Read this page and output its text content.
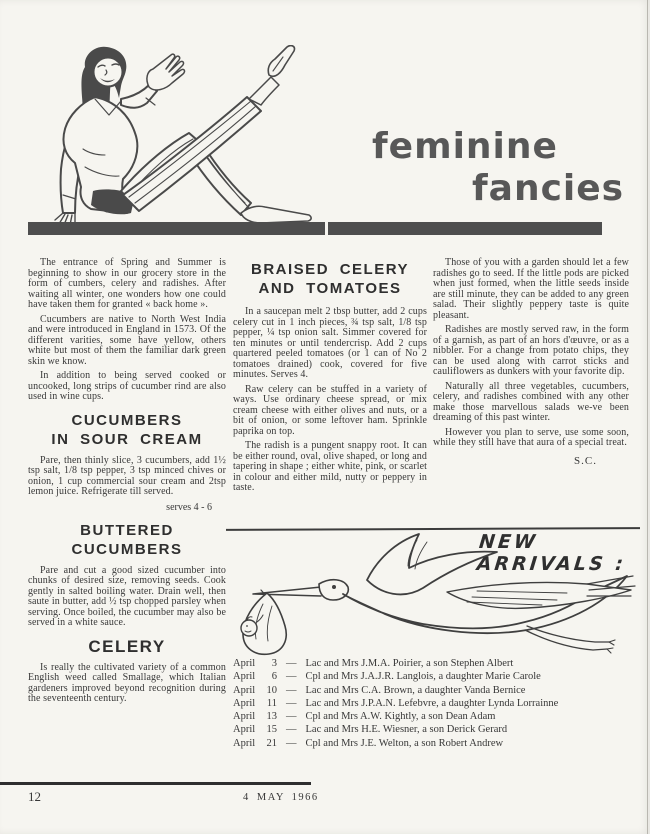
feminine
fancies

The entrance of Spring and Summer is beginning to show in our grocery store in the form of cumbers, celery and radishes. After waiting all winter, one wonders how one could have taken them for granted « back home ».

Cucumbers are native to North West India and were introduced in England in 1573. Of the different varities, some have yellow, others white but most of them the familiar dark green skin we know.

In addition to being served cooked or uncooked, long strips of cucumber rind are also used in wine cups.

CUCUMBERS
IN SOUR CREAM

Pare, then thinly slice, 3 cucumbers, add 1½ tsp salt, 1/8 tsp pepper, 3 tsp minced chives or onion, 1 cup commercial sour cream and 2tsp lemon juice. Refrigerate till served.

serves 4 - 6
BUTTERED CUCUMBERS

Pare and cut a good sized cucumber into chunks of desired size, removing seeds. Cook gently in salted boiling water. Drain well, then saute in butter, add ½ tsp chopped parsley when serving. Once boiled, the cucumber may also be served in a white sauce.

CELERY

Is really the cultivated variety of a common English weed called Smallage, which Italian gardeners improved beyond recognition during the seventeenth century.

BRAISED CELERY
AND TOMATOES

In a saucepan melt 2 tbsp butter, add 2 cups celery cut in 1 inch pieces, ¾ tsp salt, 1/8 tsp pepper, ¼ tsp onion salt. Simmer covered for ten minutes or until tendercrisp. Add 2 cups quartered peeled tomatoes (or 1 can of No 2 tomatoes drained) cook, covered for five minutes. Serves 4.

Raw celery can be stuffed in a variety of ways. Use ordinary cheese spread, or mix cream cheese with either olives and nuts, or a bit of onion, or some leftover ham. Sprinkle paprika on top.

The radish is a pungent snappy root. It can be either round, oval, olive shaped, or long and tapering in shape ; either white, pink, or scarlet in colour and either mild, nutty or peppery in taste.

Those of you with a garden should let a few radishes go to seed. If the little pods are picked when just formed, when the little seeds inside are still minute, they can be added to any green salad. Their slightly peppery taste is quite pleasant.

Radishes are mostly served raw, in the form of a garnish, as part of an hors d'œuvre, or as a nibbler. For a change from potato chips, they can be used along with carrot sticks and cauliflowers as dunkers with your favorite dip.

Naturally all three vegetables, cucumbers, celery, and radishes combined with any other make those marvellous salads we-ve been dreaming of this past winter.

However you plan to serve, use some soon, while they still have that aura of a special treat.

S.C.
NEW ARRIVALS :
April	3 — Lac and Mrs J.M.A. Poirier, a son Stephen Albert
April	6 — Cpl and Mrs J.A.J.R. Langlois, a daughter Marie Carole
April	10 — Lac and Mrs C.A. Brown, a daughter Vanda Bernice
April	11 — Lac and Mrs J.P.A.N. Lefebvre, a daughter Lynda Lorrainne
April	13 — Cpl and Mrs A.W. Kightly, a son Dean Adam
April	15 — Lac and Mrs H.E. Wiesner, a son Derick Gerard
April	21 — Cpl and Mrs J.E. Welton, a son Robert Andrew
12	4 MAY 1966
